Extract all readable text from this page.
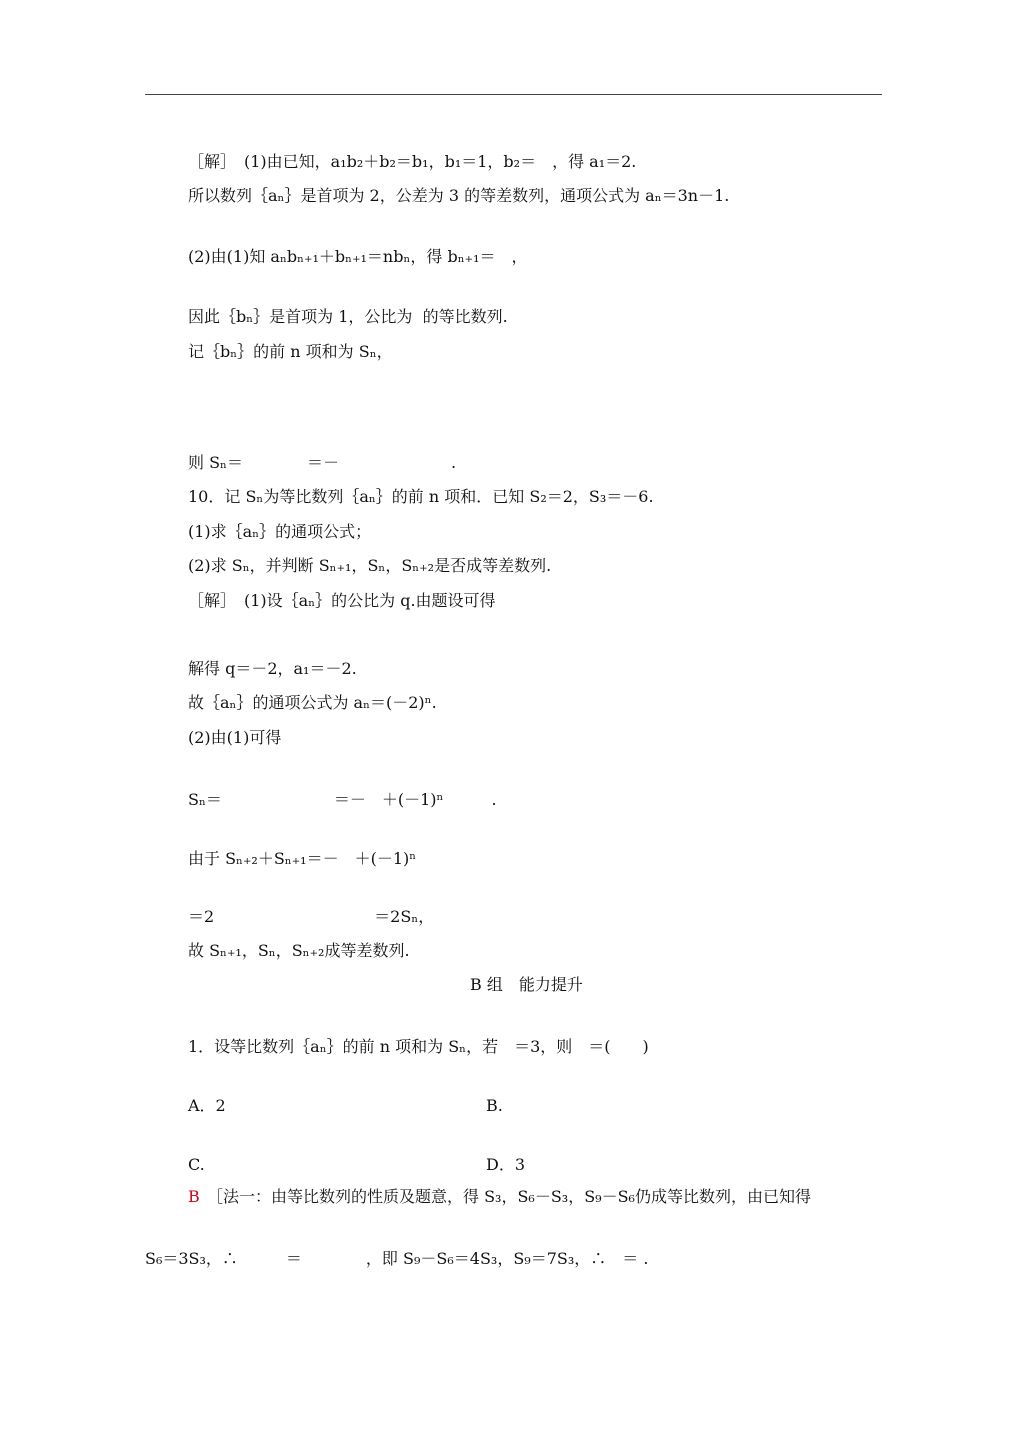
［解］　(1)由已知，a₁b₂＋b₂＝b₁，b₁＝1，b₂＝　，得 a₁＝2.
所以数列｛aₙ｝是首项为 2，公差为 3 的等差数列，通项公式为 aₙ＝3n－1.
(2)由(1)知 aₙbₙ₊₁＋bₙ₊₁＝nbₙ，得 bₙ₊₁＝　，
因此｛bₙ｝是首项为 1，公比为  的等比数列.
记｛bₙ｝的前 n 项和为 Sₙ，
则 Sₙ＝　　　　＝－　　　　　　　.
10．记 Sₙ为等比数列｛aₙ｝的前 n 项和．已知 S₂＝2，S₃＝－6.
(1)求｛aₙ｝的通项公式；
(2)求 Sₙ，并判断 Sₙ₊₁，Sₙ，Sₙ₊₂是否成等差数列.
［解］　(1)设｛aₙ｝的公比为 q.由题设可得
解得 q＝－2，a₁＝－2.
故｛aₙ｝的通项公式为 aₙ＝(－2)ⁿ.
(2)由(1)可得
Sₙ＝　　　　　　　＝－　＋(－1)ⁿ　　　.
由于 Sₙ₊₂＋Sₙ₊₁＝－　＋(－1)ⁿ
＝2　　　　　　　　　　＝2Sₙ，
故 Sₙ₊₁，Sₙ，Sₙ₊₂成等差数列.
B 组　能力提升
1．设等比数列｛aₙ｝的前 n 项和为 Sₙ，若　＝3，则　＝(　　)
A．2	B.
C.	D．3
B ［法一：由等比数列的性质及题意，得 S₃，S₆－S₃，S₉－S₆仍成等比数列，由已知得
S₆＝3S₃，∴　　　＝　　　　，即 S₉－S₆＝4S₃，S₉＝7S₃，∴　＝ .
